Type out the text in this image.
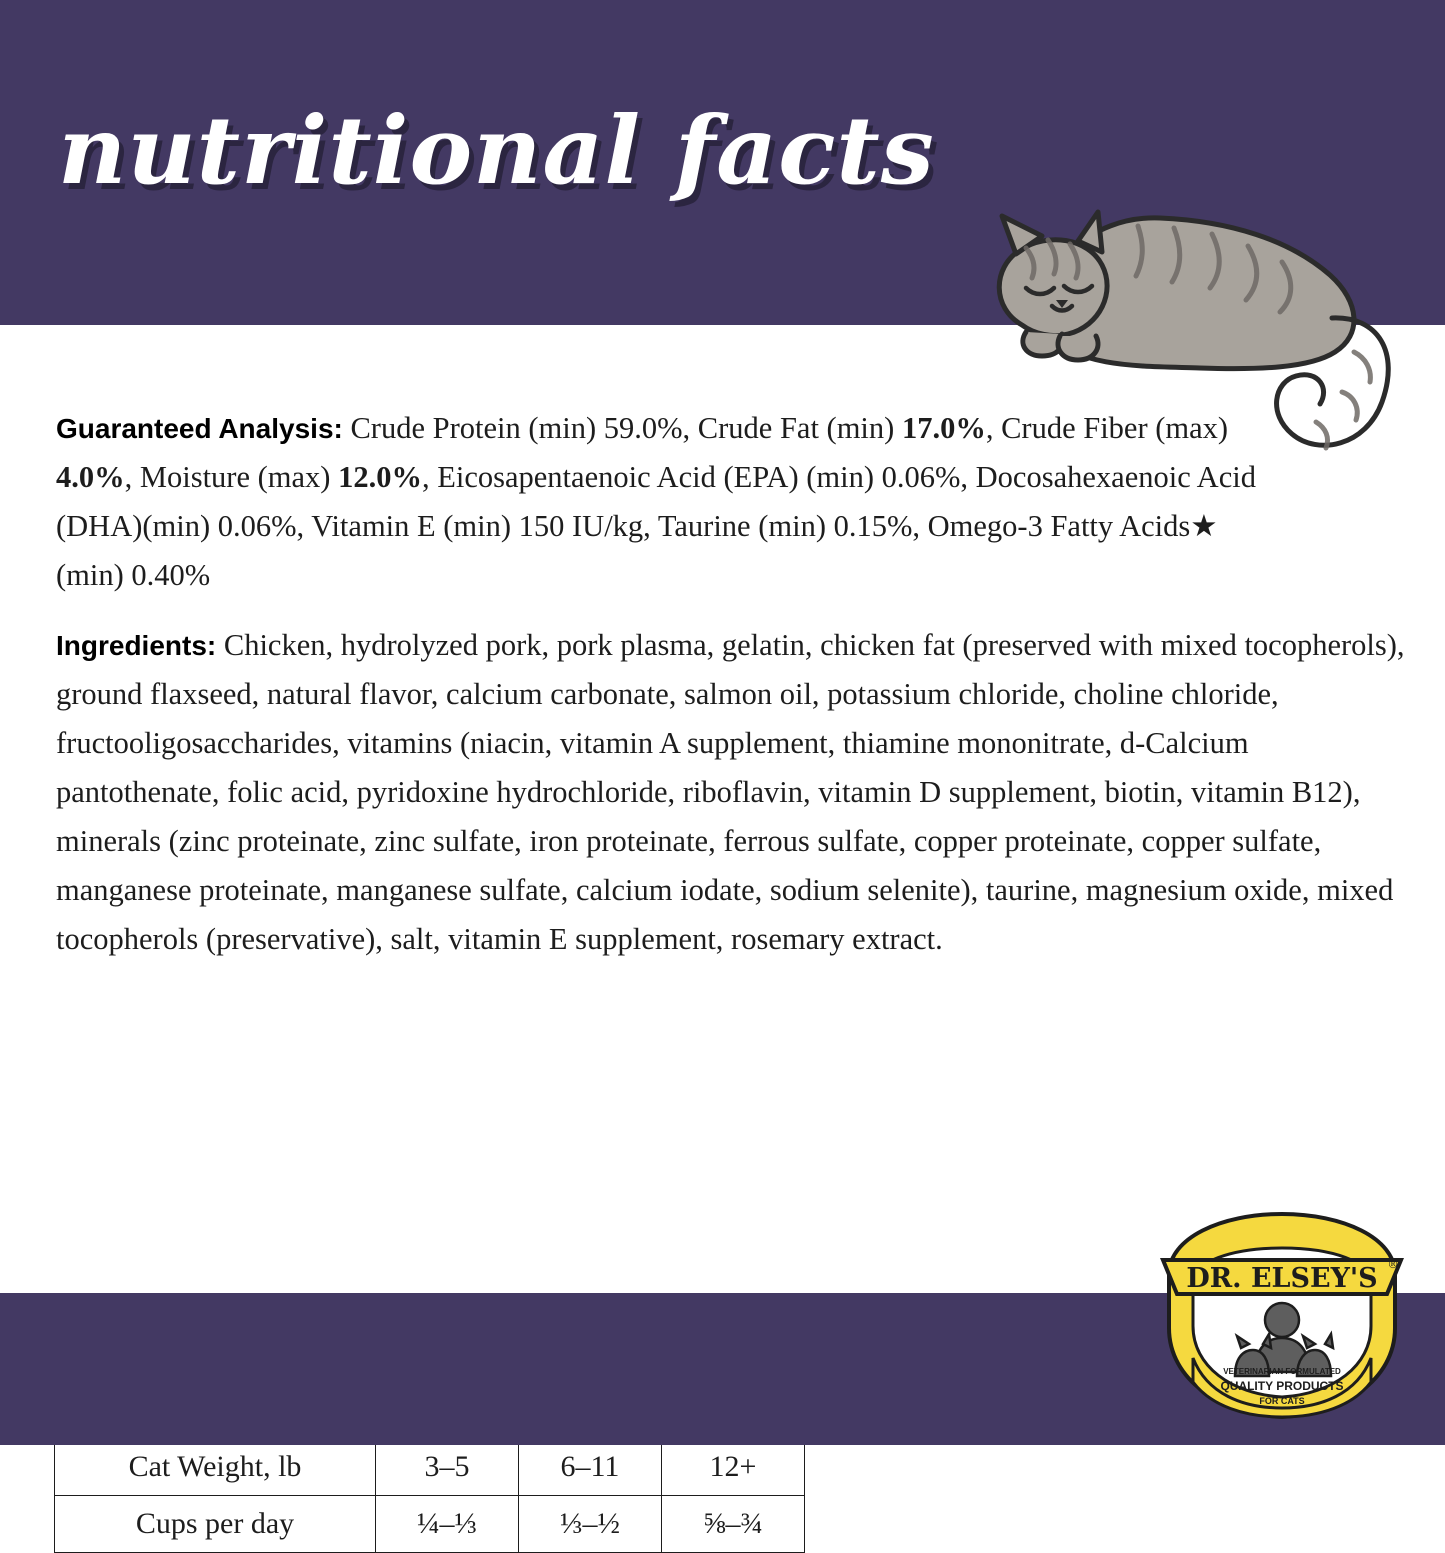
nutritional facts

Guaranteed Analysis: Crude Protein (min) 59.0%, Crude Fat (min) 17.0%, Crude Fiber (max) 4.0%, Moisture (max) 12.0%, Eicosapentaenoic Acid (EPA) (min) 0.06%, Docosahexaenoic Acid (DHA)(min) 0.06%, Vitamin E (min) 150 IU/kg, Taurine (min) 0.15%, Omego-3 Fatty Acids★ (min) 0.40%

Ingredients: Chicken, hydrolyzed pork, pork plasma, gelatin, chicken fat (preserved with mixed tocopherols), ground flaxseed, natural flavor, calcium carbonate, salmon oil, potassium chloride, choline chloride, fructooligosaccharides, vitamins (niacin, vitamin A supplement, thiamine mononitrate, d-Calcium pantothenate, folic acid, pyridoxine hydrochloride, riboflavin, vitamin D supplement, biotin, vitamin B12), minerals (zinc proteinate, zinc sulfate, iron proteinate, ferrous sulfate, copper proteinate, copper sulfate, manganese proteinate, manganese sulfate, calcium iodate, sodium selenite), taurine, magnesium oxide, mixed tocopherols (preservative), salt, vitamin E supplement, rosemary extract.

Cat Weight, lb	3–5	6–11	12+
Cups per day	¼–⅓	⅓–½	⅝–¾
DR. ELSEY'S ®
VETERINARIAN FORMULATED
QUALITY PRODUCTS
FOR CATS
